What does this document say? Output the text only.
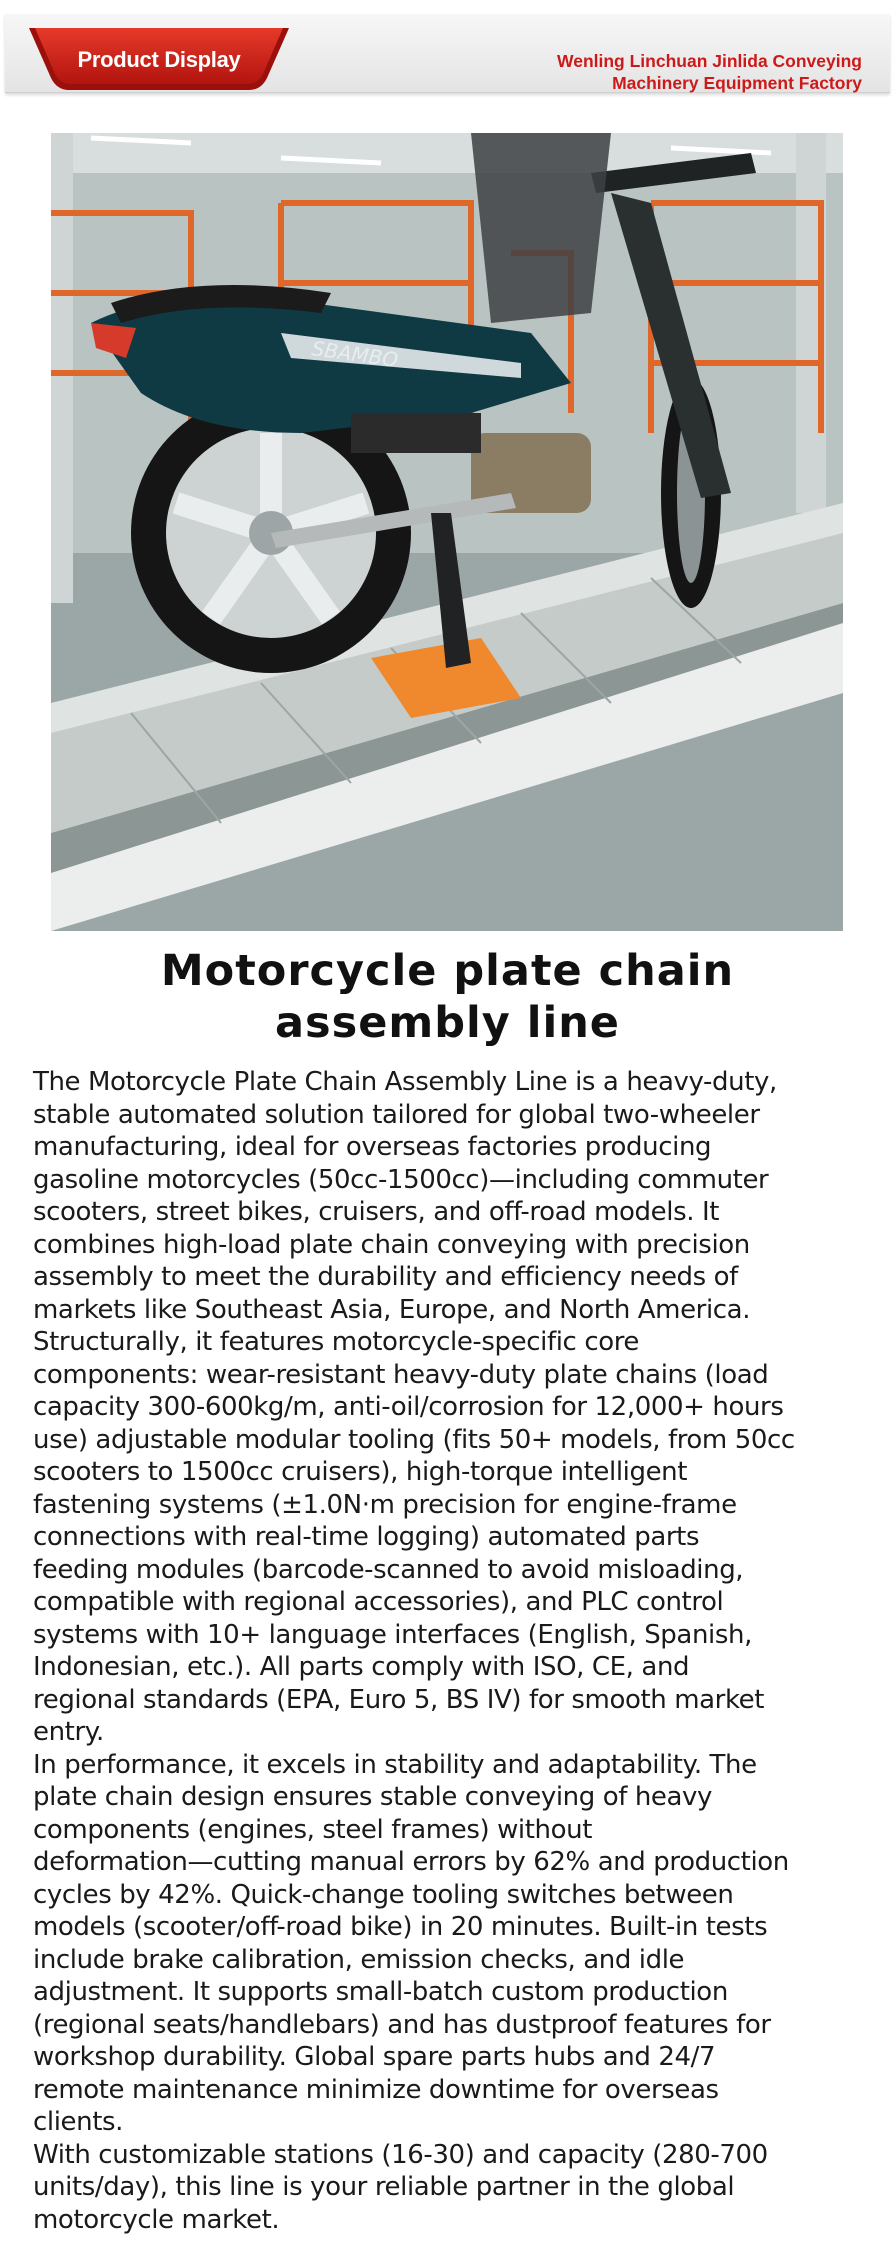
Product Display	Wenling Linchuan Jinlida Conveying
Machinery Equipment Factory
SBAMBO
Motorcycle plate chain
assembly line

The Motorcycle Plate Chain Assembly Line is a heavy-duty,
stable automated solution tailored for global two-wheeler
manufacturing, ideal for overseas factories producing
gasoline motorcycles (50cc-1500cc)—including commuter
scooters, street bikes, cruisers, and off-road models. It
combines high-load plate chain conveying with precision
assembly to meet the durability and efficiency needs of
markets like Southeast Asia, Europe, and North America.
Structurally, it features motorcycle-specific core
components: wear-resistant heavy-duty plate chains (load
capacity 300-600kg/m, anti-oil/corrosion for 12,000+ hours
use) adjustable modular tooling (fits 50+ models, from 50cc
scooters to 1500cc cruisers), high-torque intelligent
fastening systems (±1.0N·m precision for engine-frame
connections with real-time logging) automated parts
feeding modules (barcode-scanned to avoid misloading,
compatible with regional accessories), and PLC control
systems with 10+ language interfaces (English, Spanish,
Indonesian, etc.). All parts comply with ISO, CE, and
regional standards (EPA, Euro 5, BS IV) for smooth market
entry.

In performance, it excels in stability and adaptability. The
plate chain design ensures stable conveying of heavy
components (engines, steel frames) without
deformation—cutting manual errors by 62% and production
cycles by 42%. Quick-change tooling switches between
models (scooter/off-road bike) in 20 minutes. Built-in tests
include brake calibration, emission checks, and idle
adjustment. It supports small-batch custom production
(regional seats/handlebars) and has dustproof features for
workshop durability. Global spare parts hubs and 24/7
remote maintenance minimize downtime for overseas
clients.

With customizable stations (16-30) and capacity (280-700
units/day), this line is your reliable partner in the global
motorcycle market.
